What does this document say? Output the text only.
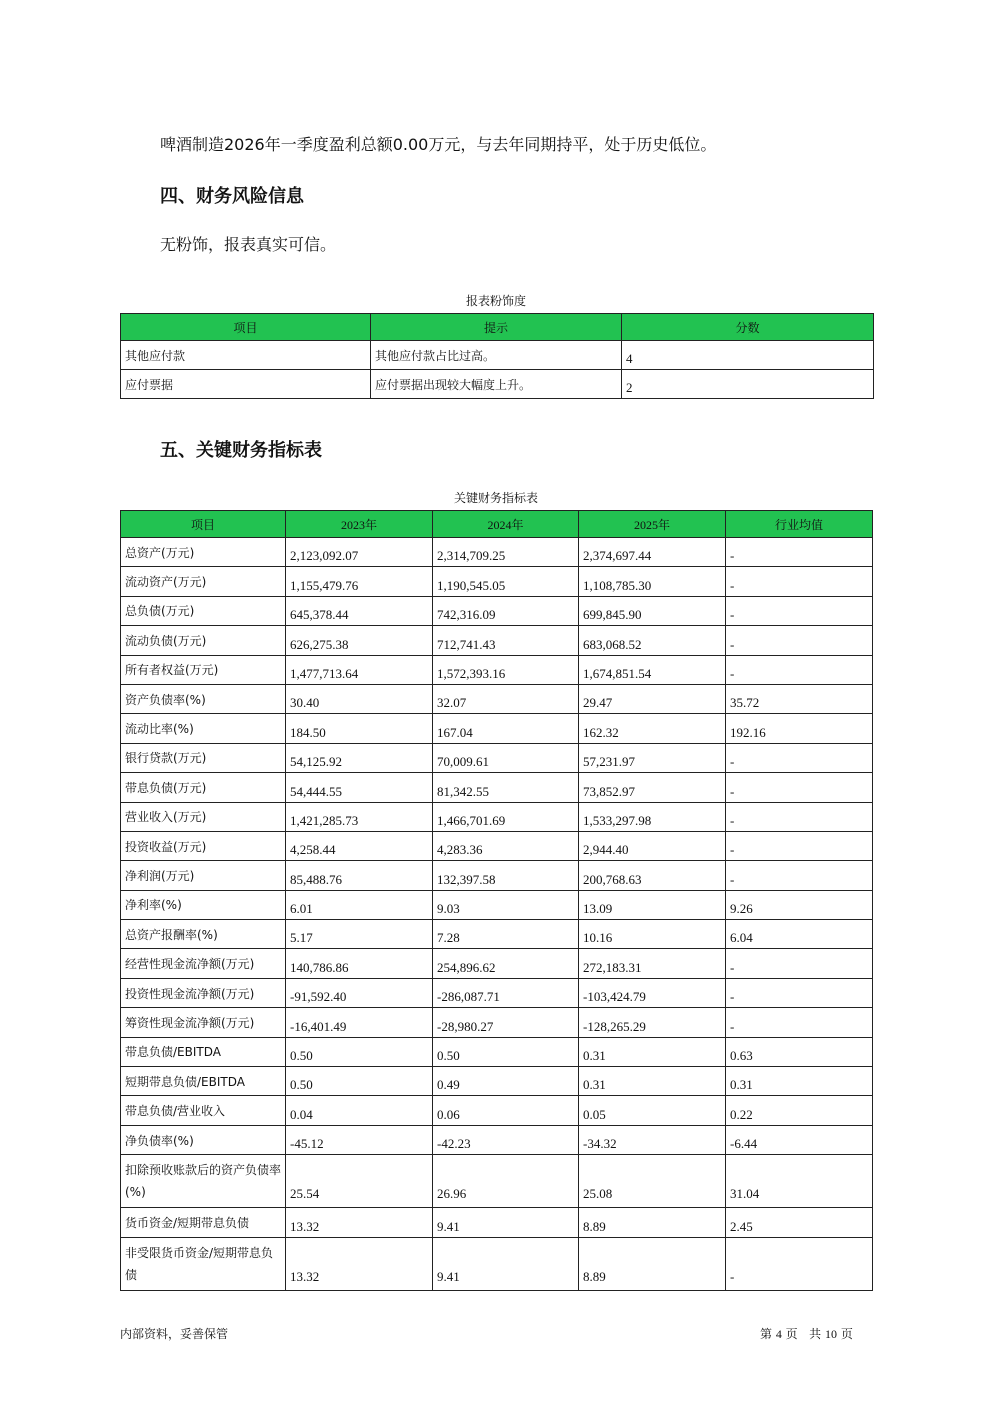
啤酒制造2026年一季度盈利总额0.00万元，与去年同期持平，处于历史低位。

四、财务风险信息

无粉饰，报表真实可信。

报表粉饰度
项目	提示	分数
其他应付款	其他应付款占比过高。	4
应付票据	应付票据出现较大幅度上升。	2
五、关键财务指标表
关键财务指标表
项目	2023年	2024年	2025年	行业均值
总资产(万元)	2,123,092.07	2,314,709.25	2,374,697.44	-
流动资产(万元)	1,155,479.76	1,190,545.05	1,108,785.30	-
总负债(万元)	645,378.44	742,316.09	699,845.90	-
流动负债(万元)	626,275.38	712,741.43	683,068.52	-
所有者权益(万元)	1,477,713.64	1,572,393.16	1,674,851.54	-
资产负债率(%)	30.40	32.07	29.47	35.72
流动比率(%)	184.50	167.04	162.32	192.16
银行贷款(万元)	54,125.92	70,009.61	57,231.97	-
带息负债(万元)	54,444.55	81,342.55	73,852.97	-
营业收入(万元)	1,421,285.73	1,466,701.69	1,533,297.98	-
投资收益(万元)	4,258.44	4,283.36	2,944.40	-
净利润(万元)	85,488.76	132,397.58	200,768.63	-
净利率(%)	6.01	9.03	13.09	9.26
总资产报酬率(%)	5.17	7.28	10.16	6.04
经营性现金流净额(万元)	140,786.86	254,896.62	272,183.31	-
投资性现金流净额(万元)	-91,592.40	-286,087.71	-103,424.79	-
筹资性现金流净额(万元)	-16,401.49	-28,980.27	-128,265.29	-
带息负债/EBITDA	0.50	0.50	0.31	0.63
短期带息负债/EBITDA	0.50	0.49	0.31	0.31
带息负债/营业收入	0.04	0.06	0.05	0.22
净负债率(%)	-45.12	-42.23	-34.32	-6.44
扣除预收账款后的资产负债率(%)	25.54	26.96	25.08	31.04
货币资金/短期带息负债	13.32	9.41	8.89	2.45
非受限货币资金/短期带息负债	13.32	9.41	8.89	-
内部资料，妥善保管	第 4 页 共 10 页
